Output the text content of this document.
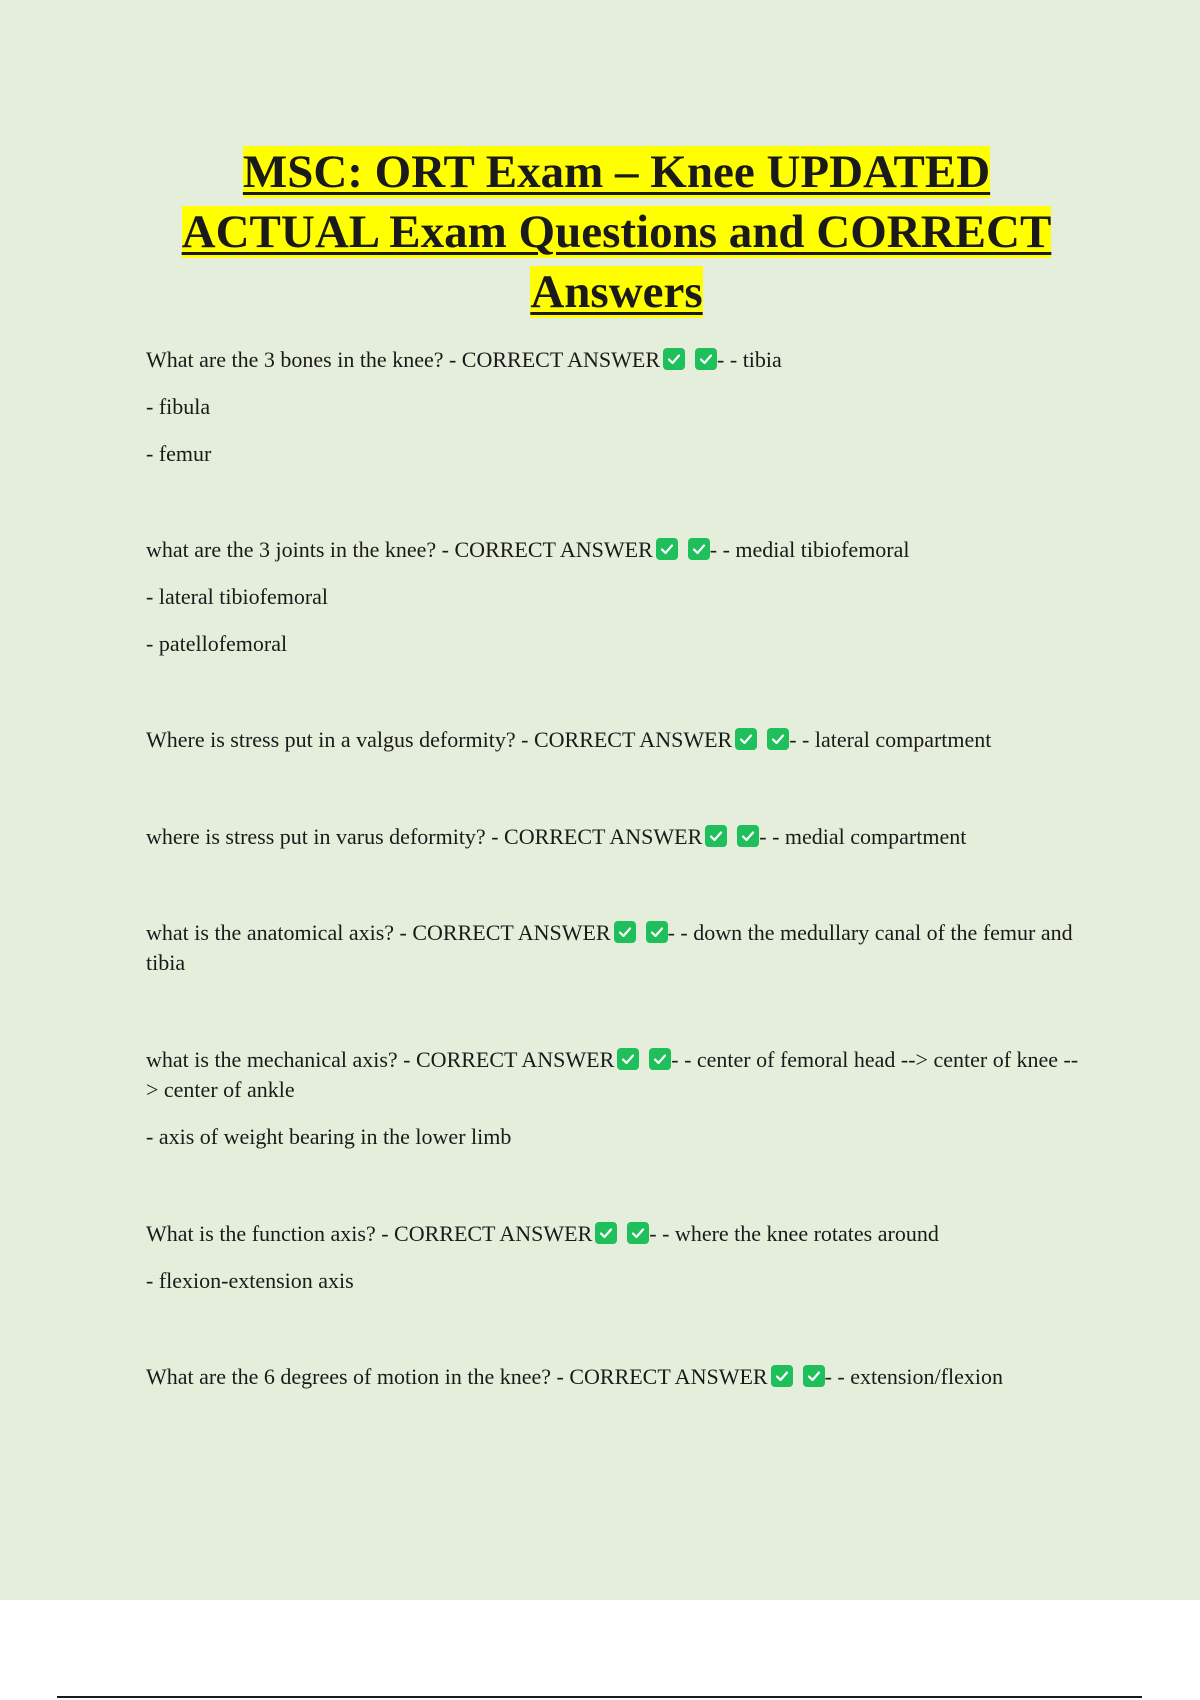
MSC: ORT Exam – Knee UPDATED
ACTUAL Exam Questions and CORRECT
Answers

What are the 3 bones in the knee? - CORRECT ANSWER	- - tibia

- fibula

- femur

what are the 3 joints in the knee? - CORRECT ANSWER	- - medial tibiofemoral

- lateral tibiofemoral

- patellofemoral

Where is stress put in a valgus deformity? - CORRECT ANSWER	- - lateral compartment

where is stress put in varus deformity? - CORRECT ANSWER	- - medial compartment

what is the anatomical axis? - CORRECT ANSWER	- - down the medullary canal of the femur and tibia

what is the mechanical axis? - CORRECT ANSWER	- - center of femoral head --> center of knee --> center of ankle

- axis of weight bearing in the lower limb

What is the function axis? - CORRECT ANSWER	- - where the knee rotates around

- flexion-extension axis

What are the 6 degrees of motion in the knee? - CORRECT ANSWER	- - extension/flexion
